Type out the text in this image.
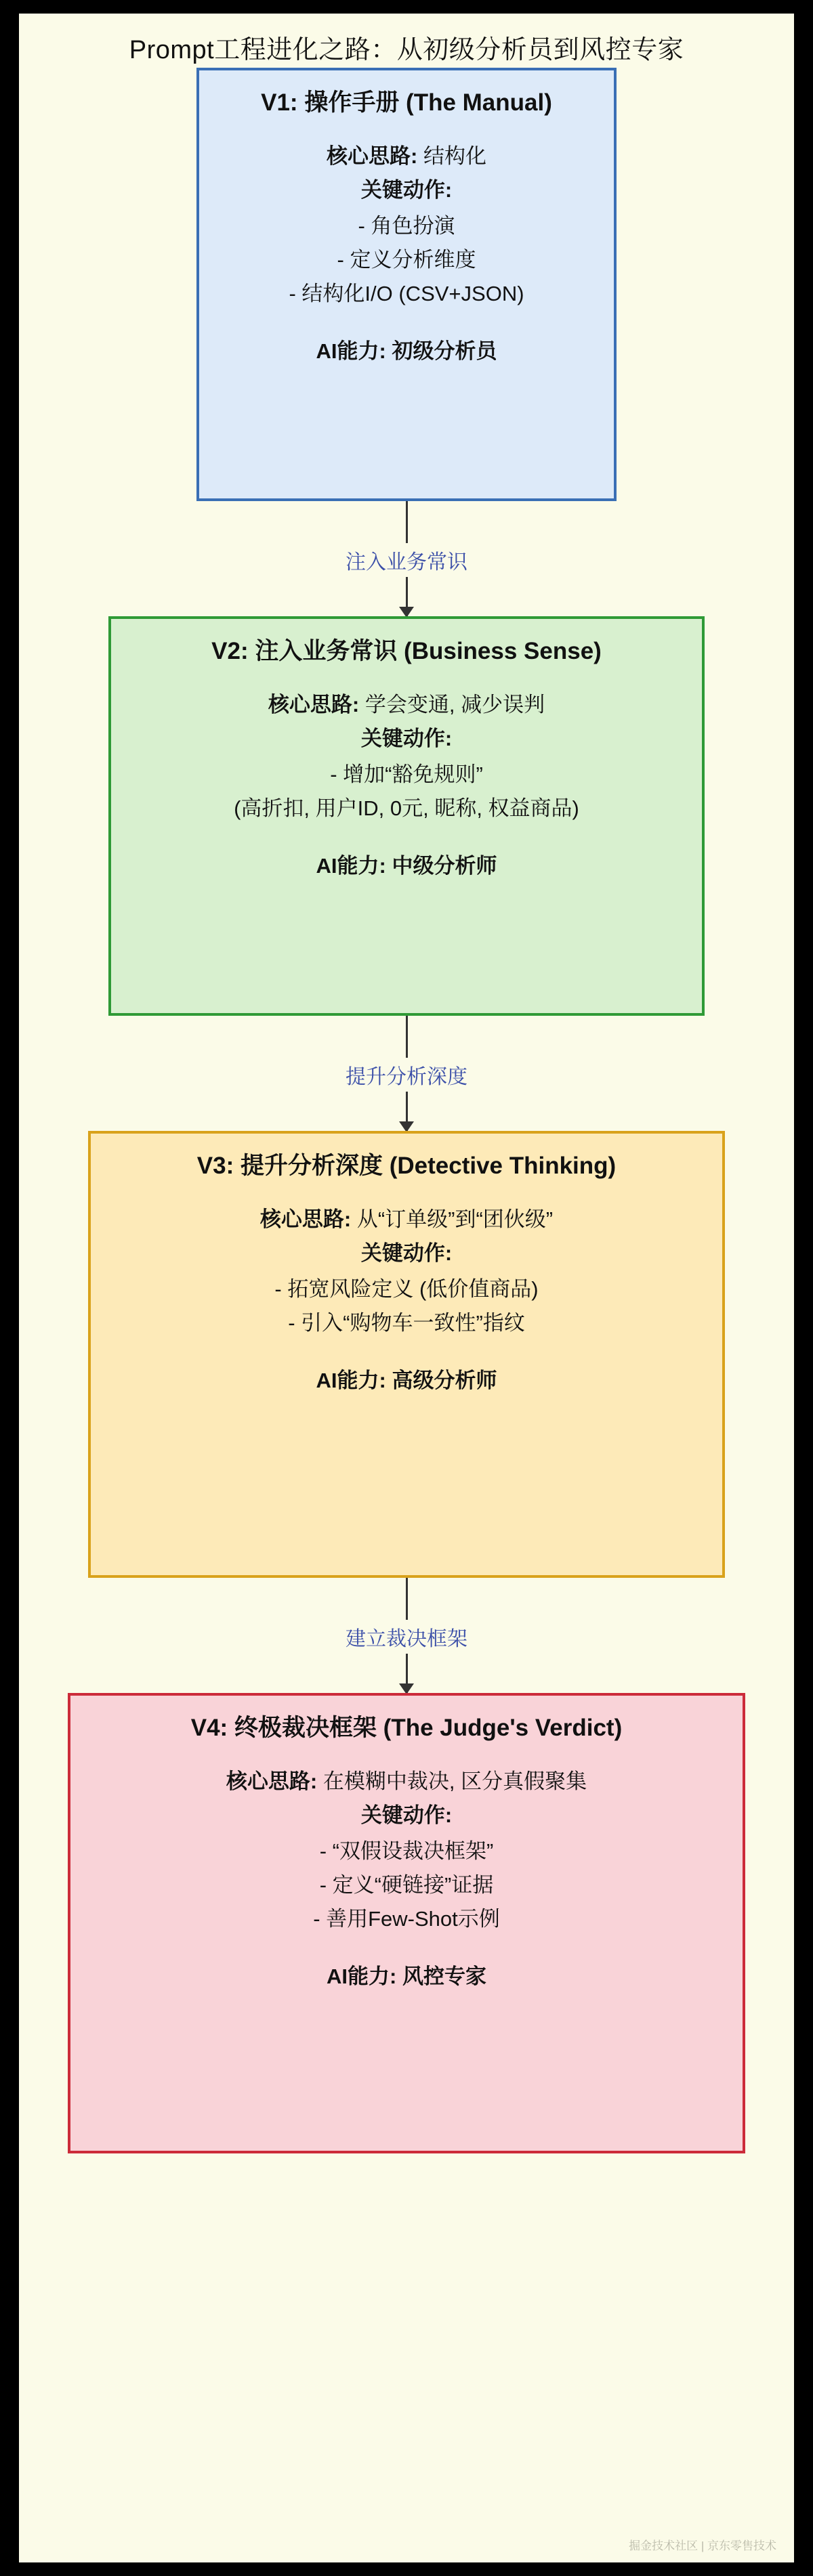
Prompt工程进化之路：从初级分析员到风控专家
V1: 操作手册 (The Manual)
核心思路: 结构化
关键动作:
- 角色扮演
- 定义分析维度
- 结构化I/O (CSV+JSON)
AI能力: 初级分析员
注入业务常识
V2: 注入业务常识 (Business Sense)
核心思路: 学会变通, 减少误判
关键动作:
- 增加“豁免规则”
(高折扣, 用户ID, 0元, 昵称, 权益商品)
AI能力: 中级分析师
提升分析深度
V3: 提升分析深度 (Detective Thinking)
核心思路: 从“订单级”到“团伙级”
关键动作:
- 拓宽风险定义 (低价值商品)
- 引入“购物车一致性”指纹
AI能力: 高级分析师
建立裁决框架
V4: 终极裁决框架 (The Judge's Verdict)
核心思路: 在模糊中裁决, 区分真假聚集
关键动作:
- “双假设裁决框架”
- 定义“硬链接”证据
- 善用Few-Shot示例
AI能力: 风控专家
掘金技术社区 | 京东零售技术
